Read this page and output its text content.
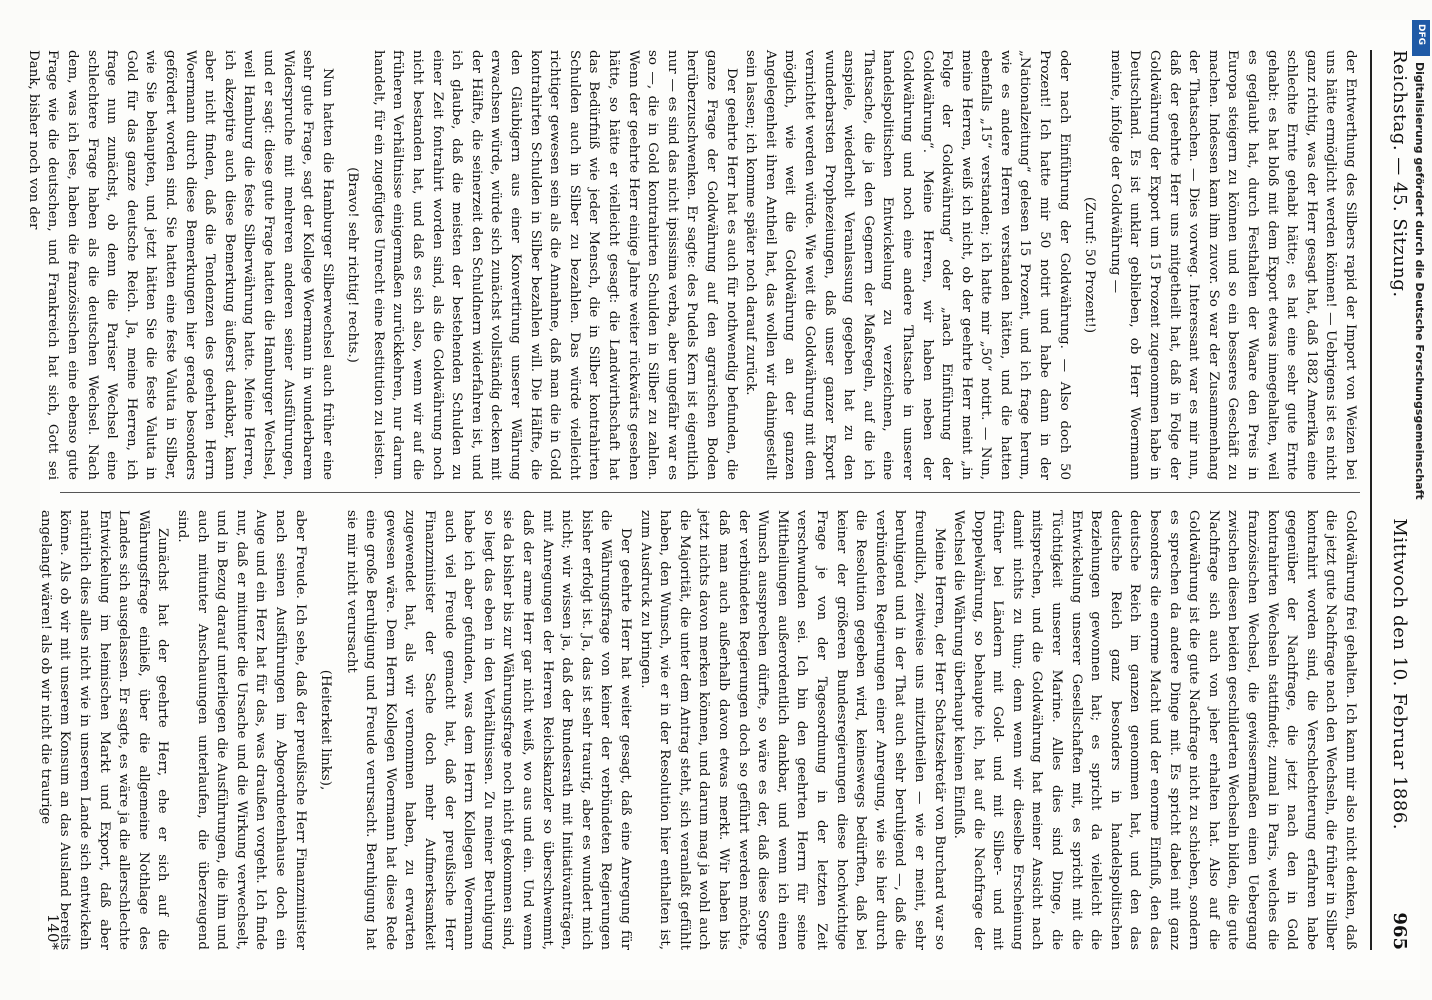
Reichstag. — 45. Sitzung.
Mittwoch den 10. Februar 1886.
965

der Entwerthung des Silbers rapid der Import von Weizen bei uns hätte ermöglicht werden können! — Uebrigens ist es nicht ganz richtig, was der Herr gesagt hat, daß 1882 Amerika eine schlechte Ernte gehabt hätte; es hat eine sehr gute Ernte gehabt: es hat bloß mit dem Export etwas innegehalten, weil es geglaubt hat, durch Festhalten der Waare den Preis in Europa steigern zu können und so ein besseres Geschäft zu machen. Indessen kam ihm zuvor. So war der Zusammenhang der Thatsachen. — Dies vorweg. Interessant war es mir nun, daß der geehrte Herr uns mitgetheilt hat, daß in Folge der Goldwährung der Export um 15 Prozent zugenommen habe in Deutschland. Es ist unklar geblieben, ob Herr Woermann meinte, infolge der Goldwährung —

(Zuruf: 50 Prozent!)

oder nach Einführung der Goldwährung. — Also doch 50 Prozent! Ich hatte mir 50 notirt und habe dann in der „Nationalzeitung“ gelesen 15 Prozent, und ich frage herum, wie es andere Herren verstanden hätten, und die hatten ebenfalls „15“ verstanden; ich hatte mir „50“ notirt. — Nun, meine Herren, weiß ich nicht, ob der geehrte Herr meint „in Folge der Goldwährung“ oder „nach Einführung der Goldwährung“. Meine Herren, wir haben neben der Goldwährung und noch eine andere Thatsache in unserer handelspolitischen Entwickelung zu verzeichnen, eine Thatsache, die ja den Gegnern der Maßregeln, auf die ich anspiele, wiederholt Veranlassung gegeben hat zu den wunderbarsten Prophezeiungen, daß unser ganzer Export vernichtet werden würde. Wie weit die Goldwährung mit dem möglich, wie weit die Goldwährung an der ganzen Angelegenheit ihren Antheil hat, das wollen wir dahingestellt sein lassen; ich komme später noch darauf zurück.

Der geehrte Herr hat es auch für nothwendig befunden, die ganze Frage der Goldwährung auf den agrarischen Boden herüberzuschwenken. Er sagte: des Pudels Kern ist eigentlich nur — es sind das nicht ipsissima verba, aber ungefähr war es so —, die in Gold kontrahirten Schulden in Silber zu zahlen. Wenn der geehrte Herr einige Jahre weiter rückwärts gesehen hätte, so hätte er vielleicht gesagt: die Landwirthschaft hat das Bedürfniß wie jeder Mensch, die in Silber kontrahirten Schulden auch in Silber zu bezahlen. Das würde vielleicht richtiger gewesen sein als die Annahme, daß man die in Gold kontrahirten Schulden in Silber bezahlen will. Die Hälfte, die den Gläubigern aus einer Konvertirung unserer Währung erwachsen würde, würde sich zunächst vollständig decken mit der Hälfte, die seinerzeit den Schuldnern widerfahren ist, und ich glaube, daß die meisten der bestehenden Schulden zu einer Zeit fontrahirt worden sind, als die Goldwährung noch nicht bestanden hat, und daß es sich also, wenn wir auf die früheren Verhältnisse einigermaßen zurückkehren, nur darum handelt, für ein zugefügtes Unrecht eine Restitution zu leisten.

(Bravo! sehr richtig! rechts.)

Nun hatten die Hamburger Silberwechsel auch früher eine sehr gute Frage, sagt der Kollege Woermann in wunderbarem Widerspruche mit mehreren anderen seiner Ausführungen, und er sagt: diese gute Frage hatten die Hamburger Wechsel, weil Hamburg die feste Silberwährung hatte. Meine Herren, ich akzeptire auch diese Bemerkung äußerst dankbar, kann aber nicht finden, daß die Tendenzen des geehrten Herrn Woermann durch diese Bemerkungen hier gerade besonders gefördert worden sind. Sie hatten eine feste Valuta in Silber, wie Sie behaupten, und jetzt hätten Sie die feste Valuta in Gold für das ganze deutsche Reich. Ja, meine Herren, ich frage nun zunächst, ob denn die Pariser Wechsel eine schlechtere Frage haben als die deutschen Wechsel. Nach dem, was ich lese, haben die französischen eine ebenso gute Frage wie die deutschen, und Frankreich hat sich, Gott sei Dank, bisher noch von der

Goldwährung frei gehalten. Ich kann mir also nicht denken, daß die jetzt gute Nachfrage nach den Wechseln, die früher in Silber kontrahirt worden sind, die Verschlechterung erfahren habe gegenüber der Nachfrage, die jetzt nach den in Gold kontrahirten Wechseln stattfindet; zumal in Paris, welches die französischen Wechsel, die gewissermaßen einen Uebergang zwischen diesen beiden geschilderten Wechseln bilden, die gute Nachfrage sich auch von jeher erhalten hat. Also auf die Goldwährung ist die gute Nachfrage nicht zu schieben, sondern es sprechen da andere Dinge mit. Es spricht dabei mit ganz besonders die enorme Macht und der enorme Einfluß, den das deutsche Reich im ganzen genommen hat, und den das deutsche Reich ganz besonders in handelspolitischen Beziehungen gewonnen hat; es spricht da vielleicht die Entwickelung unserer Gesellschaften mit, es spricht mit die Tüchtigkeit unserer Marine. Alles dies sind Dinge, die mitsprechen, und die Goldwährung hat meiner Ansicht nach damit nichts zu thun; denn wenn wir dieselbe Erscheinung früher bei Ländern mit Gold- und mit Silber- und mit Doppelwährung, so behaupte ich, hat auf die Nachfrage der Wechsel die Währung überhaupt keinen Einfluß.

Meine Herren, der Herr Schatzsekretär von Burchard war so freundlich, zeitweise uns mitzutheilen — wie er meint, sehr beruhigend und in der That auch sehr beruhigend —, daß die verbündeten Regierungen einer Anregung, wie sie hier durch die Resolution gegeben wird, keineswegs bedürften, daß bei keiner der größeren Bundesregierungen diese hochwichtige Frage je von der Tagesordnung in der letzten Zeit verschwunden sei. Ich bin den geehrten Herrn für seine Mittheilungen außerordentlich dankbar, und wenn ich einen Wunsch aussprechen dürfte, so wäre es der, daß diese Sorge der verbündeten Regierungen doch so geführt werden möchte, daß man auch außerhalb davon etwas merkt. Wir haben bis jetzt nichts davon merken können, und darum mag ja wohl auch die Majorität, die unter dem Antrag steht, sich veranlaßt gefühlt haben, den Wunsch, wie er in der Resolution hier enthalten ist, zum Ausdruck zu bringen.

Der geehrte Herr hat weiter gesagt, daß eine Anregung für die Währungsfrage von keiner der verbündeten Regierungen bisher erfolgt ist. Ja, das ist sehr traurig, aber es wundert mich nicht; wir wissen ja, daß der Bundesrath mit Initiativanträgen, mit Anregungen der Herren Reichskanzler so überschwemmt, daß der arme Herr gar nicht weiß, wo aus und ein. Und wenn sie da bisher bis zur Währungsfrage noch nicht gekommen sind, so liegt das eben in den Verhältnissen. Zu meiner Beruhigung habe ich aber gefunden, was dem Herrn Kollegen Woermann auch viel Freude gemacht hat, daß der preußische Herr Finanzminister der Sache doch mehr Aufmerksamkeit zugewendet hat, als wir vernommen haben, zu erwarten gewesen wäre. Dem Herrn Kollegen Woermann hat diese Rede eine große Beruhigung und Freude verursacht. Beruhigung hat sie mir nicht verursacht

(Heiterkeit links),

aber Freude. Ich sehe, daß der preußische Herr Finanzminister nach seinen Ausführungen im Abgeordnetenhause doch ein Auge und ein Herz hat für das, was draußen vorgeht. Ich finde nur, daß er mitunter die Ursache und die Wirkung verwechselt, und in Bezug darauf unterliegen die Ausführungen, die ihm und auch mitunter Anschauungen unterlaufen, die überzeugend sind.

Zunächst hat der geehrte Herr, ehe er sich auf die Währungsfrage einließ, über die allgemeine Nothlage des Landes sich ausgelassen. Er sagte, es wäre ja die allerschlechte Entwickelung im heimischen Markt und Export, daß aber natürlich dies alles nicht wie in unserem Lande sich entwickeln könne. Als ob wir mit unserem Konsum an das Ausland bereits angelangt wären! als ob wir nicht die traurige

140*
DFG
Digitalisierung gefördert durch die Deutsche Forschungsgemeinschaft
